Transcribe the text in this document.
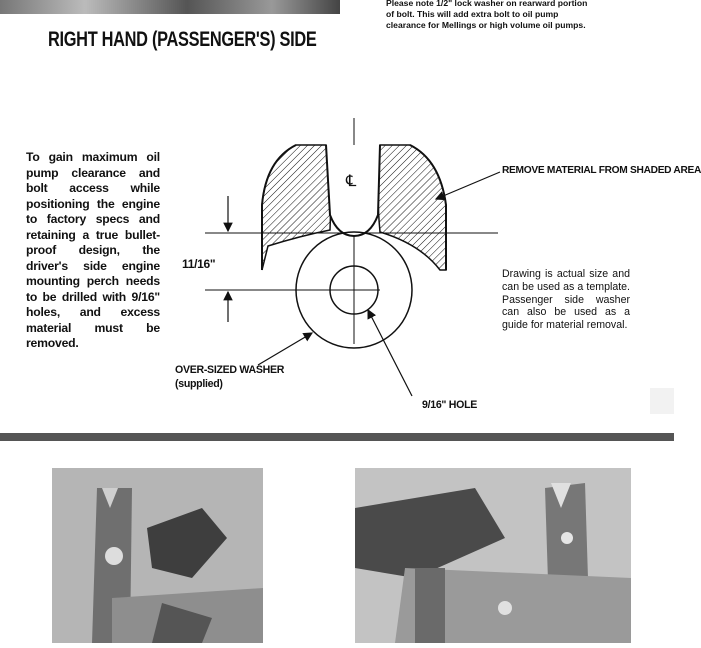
RIGHT HAND (PASSENGER'S) SIDE
Please note 1/2" lock washer on rearward portion of bolt. This will add extra bolt to oil pump clearance for Mellings or high volume oil pumps.
To gain maximum oil pump clearance and bolt access while positioning the engine to factory specs and retaining a true bullet-proof design, the driver's side engine mounting perch needs to be drilled with 9/16" holes, and excess material must be removed.
℄
REMOVE MATERIAL FROM SHADED AREA
11/16"
OVER-SIZED WASHER
(supplied)
9/16" HOLE
Drawing is actual size and can be used as a template. Passenger side washer can also be used as a guide for material removal.
